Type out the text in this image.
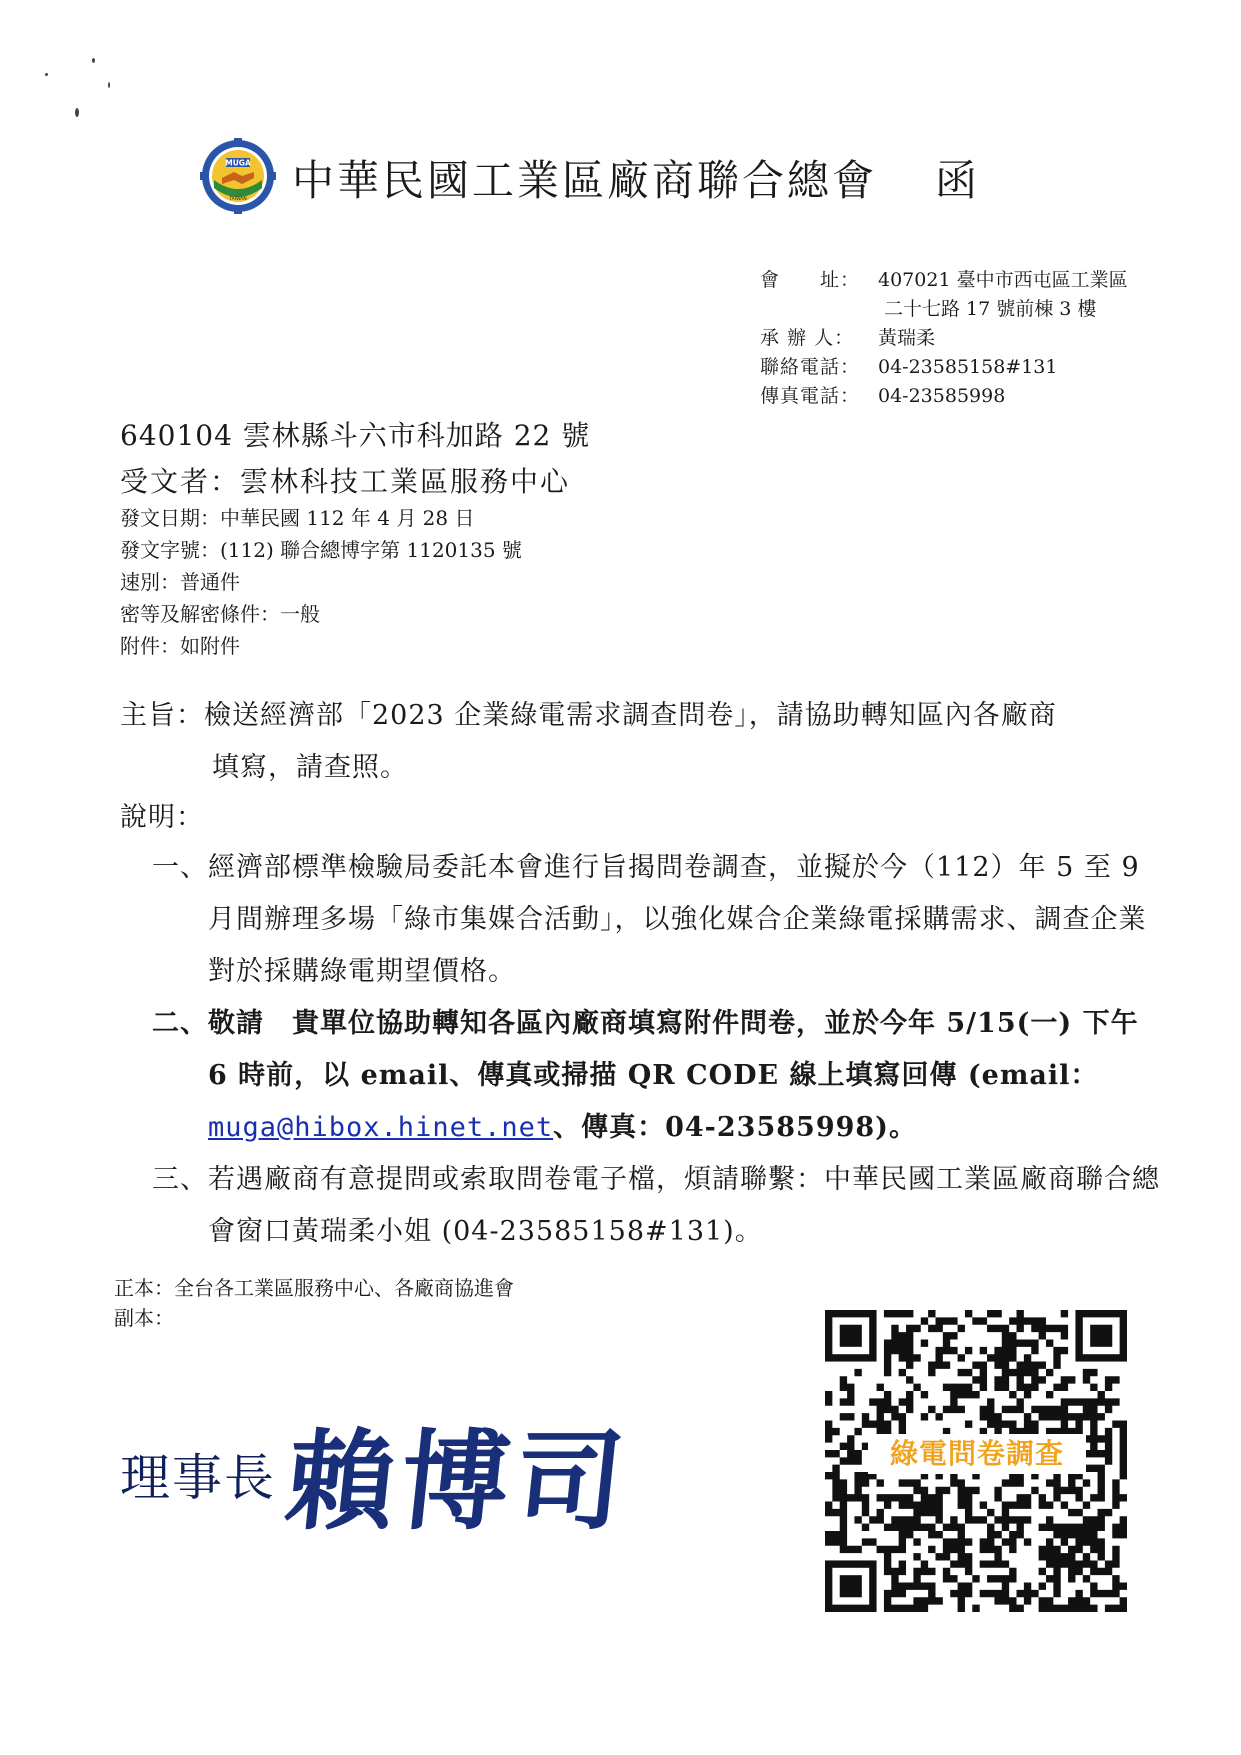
MUGA
TAIWAN 中華民國工業區廠商聯合總會 函
會　　址： 407021 臺中市西屯區工業區
二十七路 17 號前棟 3 樓
承 辦 人： 黃瑞柔
聯絡電話： 04-23585158#131
傳真電話： 04-23585998
640104 雲林縣斗六市科加路 22 號
受文者：雲林科技工業區服務中心
發文日期：中華民國 112 年 4 月 28 日
發文字號：(112) 聯合總博字第 1120135 號
速別：普通件
密等及解密條件：一般
附件：如附件
主旨：檢送經濟部「2023 企業綠電需求調查問卷」，請協助轉知區內各廠商
填寫，請查照。
說明：
一、 經濟部標準檢驗局委託本會進行旨揭問卷調查，並擬於今（112）年 5 至 9 月間辦理多場「綠市集媒合活動」，以強化媒合企業綠電採購需求、調查企業對於採購綠電期望價格。
二、 敬請　貴單位協助轉知各區內廠商填寫附件問卷，並於今年 5/15(一) 下午 6 時前，以 email、傳真或掃描 QR CODE 線上填寫回傳 (email：muga@hibox.hinet.net、傳真：04-23585998)。
三、 若遇廠商有意提問或索取問卷電子檔，煩請聯繫：中華民國工業區廠商聯合總會窗口黃瑞柔小姐 (04-23585158#131)。
正本：全台各工業區服務中心、各廠商協進會
副本：
理事長 賴博司	綠電問卷調查
